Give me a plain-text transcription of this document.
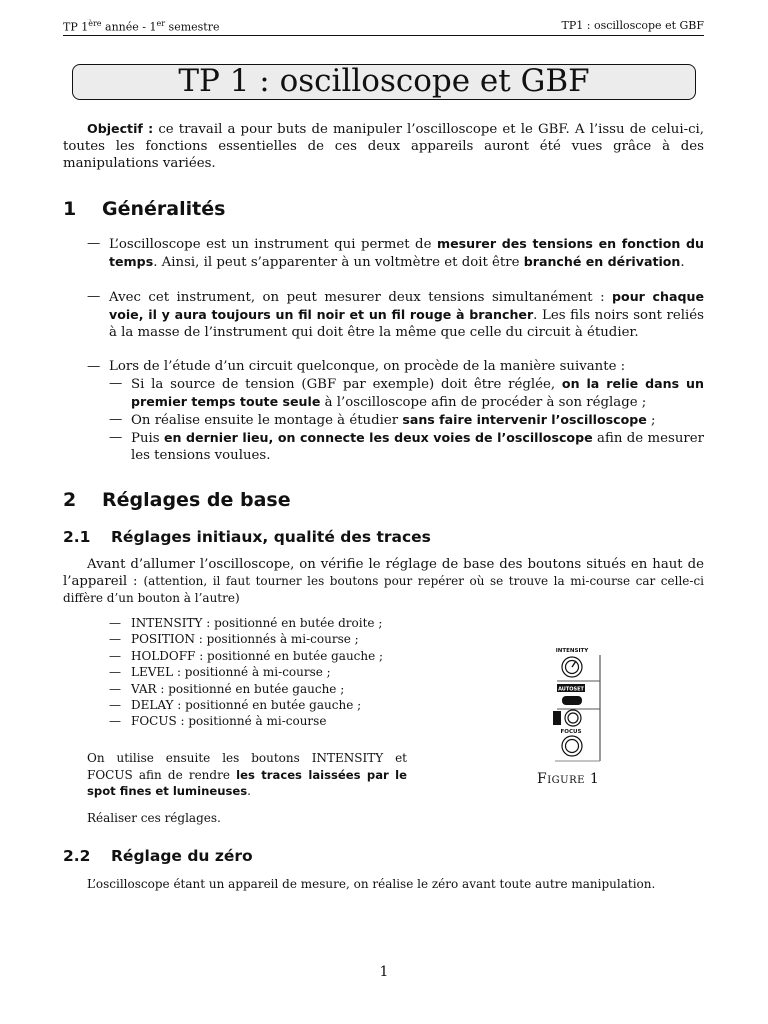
TP 1ère année - 1er semestre	TP1 : oscilloscope et GBF
TP 1 : oscilloscope et GBF

Objectif : ce travail a pour buts de manipuler l’oscilloscope et le GBF. A l’issu de celui-ci, toutes les fonctions essentielles de ces deux appareils auront été vues grâce à des manipulations variées.

1 Généralités
— L’oscilloscope est un instrument qui permet de mesurer des tensions en fonction du temps. Ainsi, il peut s’apparenter à un voltmètre et doit être branché en dérivation.

— Avec cet instrument, on peut mesurer deux tensions simultanément : pour chaque voie, il y aura toujours un fil noir et un fil rouge à brancher. Les fils noirs sont reliés à la masse de l’instrument qui doit être la même que celle du circuit à étudier.

— Lors de l’étude d’un circuit quelconque, on procède de la manière suivante :

— Si la source de tension (GBF par exemple) doit être réglée, on la relie dans un premier temps toute seule à l’oscilloscope afin de procéder à son réglage ;

— On réalise ensuite le montage à étudier sans faire intervenir l’oscilloscope ;

— Puis en dernier lieu, on connecte les deux voies de l’oscilloscope afin de mesurer les tensions voulues.

2 Réglages de base
2.1 Réglages initiaux, qualité des traces

Avant d’allumer l’oscilloscope, on vérifie le réglage de base des boutons situés en haut de l’appareil : (attention, il faut tourner les boutons pour repérer où se trouve la mi-course car celle-ci diffère d’un bouton à l’autre)

— INTENSITY : positionné en butée droite ;
— POSITION : positionnés à mi-course ;
— HOLDOFF : positionné en butée gauche ;
— LEVEL : positionné à mi-course ;
— VAR : positionné en butée gauche ;
— DELAY : positionné en butée gauche ;
— FOCUS : positionné à mi-course

On utilise ensuite les boutons INTENSITY et FOCUS afin de rendre les traces laissées par le spot fines et lumineuses.

Réaliser ces réglages.

INTENSITY
AUTOSET
FOCUS
Figure 1
2.2 Réglage du zéro

L’oscilloscope étant un appareil de mesure, on réalise le zéro avant toute autre manipulation.

1
